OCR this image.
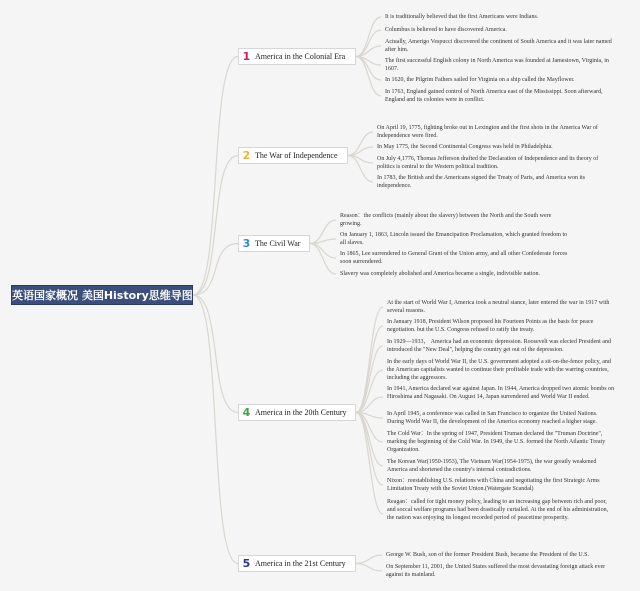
英语国家概况 美国History思维导图
1 America in the Colonial Era
It is traditionally believed that the first Americans were Indians.
Columbus is believed to have discovered America.
Actually, Amerigo Vespucci discovered the continent of South America and it was later named after him.
The first successful English colony in North America was founded at Jamestown, Virginia, in 1607.
In 1620, the Pilgrim Fathers sailed for Virginia on a ship called the Mayflower.
In 1763, England gained control of North America east of the Mississippi. Soon afterward, England and its colonies were in conflict.
2 The War of Independence
On April 19, 1775, fighting broke out in Lexington and the first shots in the America War of Independence were fired.
In May 1775, the Second Continental Congress was held in Philadelphia.
On July 4,1776, Thomas Jefferson drafted the Declaration of Independence and its theory of politics is central to the Western political tradition.
In 1783, the British and the Americans signed the Treaty of Paris, and America won its independence.
3 The Civil War
Reason：the conflicts (mainly about the slavery) between the North and the South were growing.
On January 1, 1863, Lincoln issued the Emancipation Proclamation, which granted freedom to all slaves.
In 1865, Lee surrendered to General Grant of the Union army, and all other Confederate forces soon surrendered.
Slavery was completely abolished and America became a single, indivisible nation.
4 America in the 20th Century
At the start of World War I, America took a neutral stance, later entered the war in 1917 with several reasons.
In January 1918, President Wilson proposed his Fourteen Points as the basis for peace negotiation. but the U.S. Congress refused to ratify the treaty.
In 1929—1933， America had an economic depression. Roosevelt was elected President and introduced the "New Deal", helping the country get out of the depression.
In the early days of World War II, the U.S. government adopted a sit-on-the-fence policy, and the American capitalists wanted to continue their profitable trade with the warring countries, including the aggressors.
In 1941, America declared war against Japan. In 1944, America dropped two atomic bombs on Hiroshima and Nagasaki. On August 14, Japan surrendered and World War II ended.
In April 1945, a conference was called in San Francisco to organize the United Nations. During World War II, the development of the America economy reached a higher stage.
The Cold War：In the spring of 1947, President Truman declared the "Truman Doctrine", marking the beginning of the Cold War. In 1949, the U.S. formed the North Atlantic Treaty Organization.
The Korean War(1950-1953), The Vietnam War(1954-1975), the war greatly weakened America and shortened the country's internal contradictions.
Nixon：reestablishing U.S. relations with China and negotiating the first Strategic Arms Limitation Treaty with the Soviet Union.(Watergate Scandal)
Reagan：called for tight money policy, leading to an increasing gap between rich and poor, and soccal welfare programs had been drastically curtailed. At the end of his administration, the nation was enjoying its longest recorded period of peacetime prosperity.
5 America in the 21st Century
George W. Bush, son of the former President Bush, became the President of the U.S.
On September 11, 2001, the United States suffered the most devastating foreign attack ever against its mainland.
